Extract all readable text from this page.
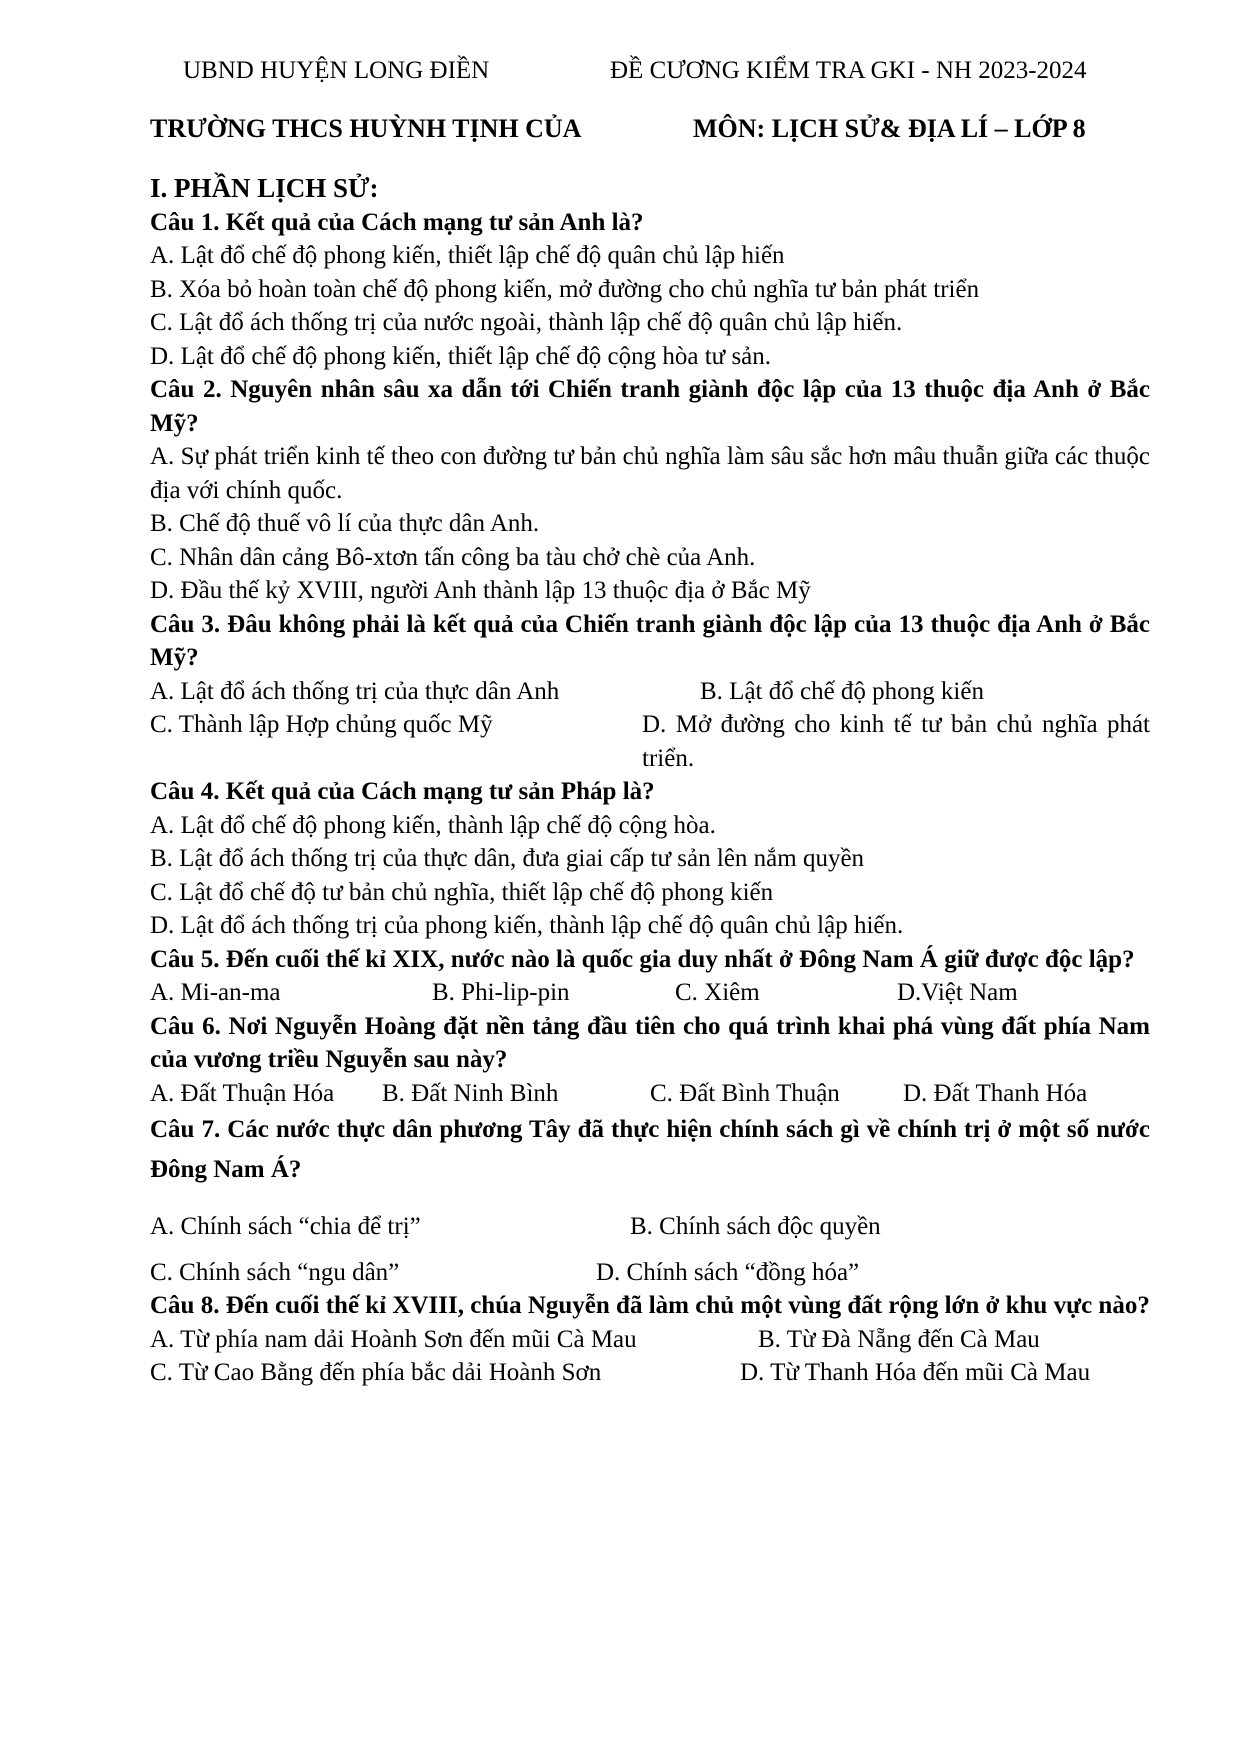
UBND HUYỆN LONG ĐIỀN	ĐỀ CƯƠNG KIỂM TRA GKI - NH 2023-2024
TRƯỜNG THCS HUỲNH TỊNH CỦA	MÔN: LỊCH SỬ& ĐỊA LÍ – LỚP 8
I. PHẦN LỊCH SỬ:
Câu 1. Kết quả của Cách mạng tư sản Anh là?
A. Lật đổ chế độ phong kiến, thiết lập chế độ quân chủ lập hiến
B. Xóa bỏ hoàn toàn chế độ phong kiến, mở đường cho chủ nghĩa tư bản phát triển
C. Lật đổ ách thống trị của nước ngoài, thành lập chế độ quân chủ lập hiến.
D. Lật đổ chế độ phong kiến, thiết lập chế độ cộng hòa tư sản.
Câu 2. Nguyên nhân sâu xa dẫn tới Chiến tranh giành độc lập của 13 thuộc địa Anh ở Bắc Mỹ?
A. Sự phát triển kinh tế theo con đường tư bản chủ nghĩa làm sâu sắc hơn mâu thuẫn giữa các thuộc địa với chính quốc.
B. Chế độ thuế vô lí của thực dân Anh.
C. Nhân dân cảng Bô-xtơn tấn công ba tàu chở chè của Anh.
D. Đầu thế kỷ XVIII, người Anh thành lập 13 thuộc địa ở Bắc Mỹ
Câu 3. Đâu không phải là kết quả của Chiến tranh giành độc lập của 13 thuộc địa Anh ở Bắc Mỹ?
A. Lật đổ ách thống trị của thực dân Anh	B. Lật đổ chế độ phong kiến
C. Thành lập Hợp chủng quốc Mỹ	D. Mở đường cho kinh tế tư bản chủ nghĩa phát triển.
Câu 4. Kết quả của Cách mạng tư sản Pháp là?
A. Lật đổ chế độ phong kiến, thành lập chế độ cộng hòa.
B. Lật đổ ách thống trị của thực dân, đưa giai cấp tư sản lên nắm quyền
C. Lật đổ chế độ tư bản chủ nghĩa, thiết lập chế độ phong kiến
D. Lật đổ ách thống trị của phong kiến, thành lập chế độ quân chủ lập hiến.
Câu 5. Đến cuối thế kỉ XIX, nước nào là quốc gia duy nhất ở Đông Nam Á giữ được độc lập?
A. Mi-an-ma	B. Phi-lip-pin	C. Xiêm	D.Việt Nam
Câu 6. Nơi Nguyễn Hoàng đặt nền tảng đầu tiên cho quá trình khai phá vùng đất phía Nam của vương triều Nguyễn sau này?
A. Đất Thuận Hóa	B. Đất Ninh Bình	C. Đất Bình Thuận	D. Đất Thanh Hóa
Câu 7. Các nước thực dân phương Tây đã thực hiện chính sách gì về chính trị ở một số nước Đông Nam Á?
A. Chính sách “chia để trị”	B. Chính sách độc quyền
C. Chính sách “ngu dân”	D. Chính sách “đồng hóa”
Câu 8. Đến cuối thế kỉ XVIII, chúa Nguyễn đã làm chủ một vùng đất rộng lớn ở khu vực nào?
A. Từ phía nam dải Hoành Sơn đến mũi Cà Mau	B. Từ Đà Nẵng đến Cà Mau
C. Từ Cao Bằng đến phía bắc dải Hoành Sơn	D. Từ Thanh Hóa đến mũi Cà Mau
